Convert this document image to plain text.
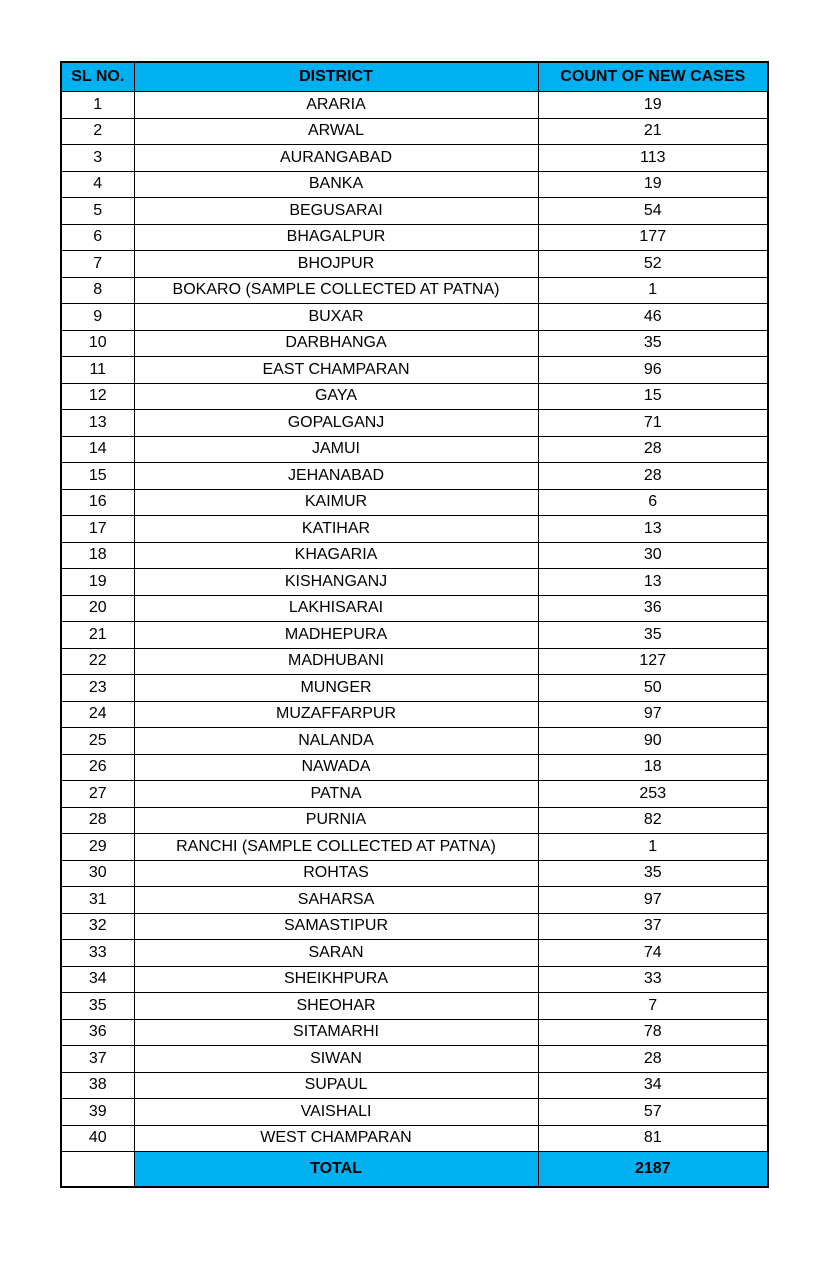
SL NO.	DISTRICT	COUNT OF NEW CASES
1	ARARIA	19
2	ARWAL	21
3	AURANGABAD	113
4	BANKA	19
5	BEGUSARAI	54
6	BHAGALPUR	177
7	BHOJPUR	52
8	BOKARO (SAMPLE COLLECTED AT PATNA)	1
9	BUXAR	46
10	DARBHANGA	35
11	EAST CHAMPARAN	96
12	GAYA	15
13	GOPALGANJ	71
14	JAMUI	28
15	JEHANABAD	28
16	KAIMUR	6
17	KATIHAR	13
18	KHAGARIA	30
19	KISHANGANJ	13
20	LAKHISARAI	36
21	MADHEPURA	35
22	MADHUBANI	127
23	MUNGER	50
24	MUZAFFARPUR	97
25	NALANDA	90
26	NAWADA	18
27	PATNA	253
28	PURNIA	82
29	RANCHI (SAMPLE COLLECTED AT PATNA)	1
30	ROHTAS	35
31	SAHARSA	97
32	SAMASTIPUR	37
33	SARAN	74
34	SHEIKHPURA	33
35	SHEOHAR	7
36	SITAMARHI	78
37	SIWAN	28
38	SUPAUL	34
39	VAISHALI	57
40	WEST CHAMPARAN	81
	TOTAL	2187
